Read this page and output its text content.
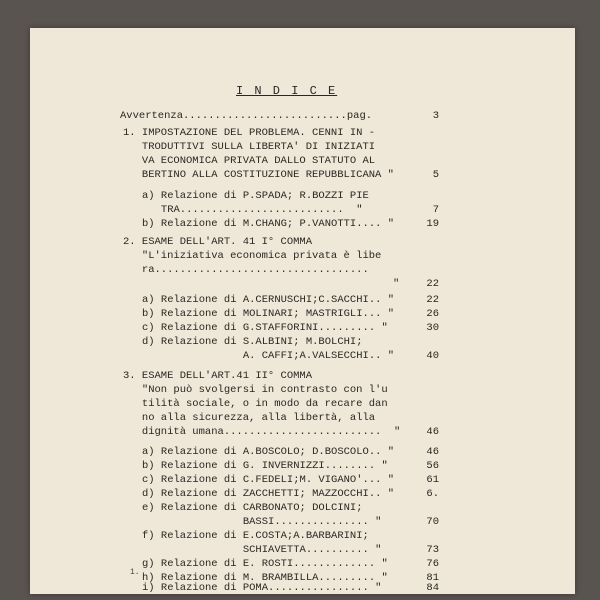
I N D I C E
Avvertenza..........................pag.	3
1. IMPOSTAZIONE DEL PROBLEMA. CENNI IN -
TRODUTTIVI SULLA LIBERTA' DI INIZIATI
VA ECONOMICA PRIVATA DALLO STATUTO AL
BERTINO ALLA COSTITUZIONE REPUBBLICANA "	5
a) Relazione di P.SPADA; R.BOZZI PIE
TRA..........................  "	7
b) Relazione di M.CHANG; P.VANOTTI.... "	19
2. ESAME DELL'ART. 41 I° COMMA
"L'iniziativa economica privata è libe
ra..................................
"	22
a) Relazione di A.CERNUSCHI;C.SACCHI.. "	22
b) Relazione di MOLINARI; MASTRIGLI... "	26
c) Relazione di G.STAFFORINI......... "	30
d) Relazione di S.ALBINI; M.BOLCHI;
A. CAFFI;A.VALSECCHI.. "	40
3. ESAME DELL'ART.41 II° COMMA
"Non può svolgersi in contrasto con l'u
tilità sociale, o in modo da recare dan
no alla sicurezza, alla libertà, alla
dignità umana.........................  "	46
a) Relazione di A.BOSCOLO; D.BOSCOLO.. "	46
b) Relazione di G. INVERNIZZI........ "	56
c) Relazione di C.FEDELI;M. VIGANO'... "	61
d) Relazione di ZACCHETTI; MAZZOCCHI.. "	6.
e) Relazione di CARBONATO; DOLCINI;
BASSI............... "	70
f) Relazione di E.COSTA;A.BARBARINI;
SCHIAVETTA.......... "	73
g) Relazione di E. ROSTI............. "	76
h) Relazione di M. BRAMBILLA......... "	81
i) Relazione di POMA................ "	84
1.
